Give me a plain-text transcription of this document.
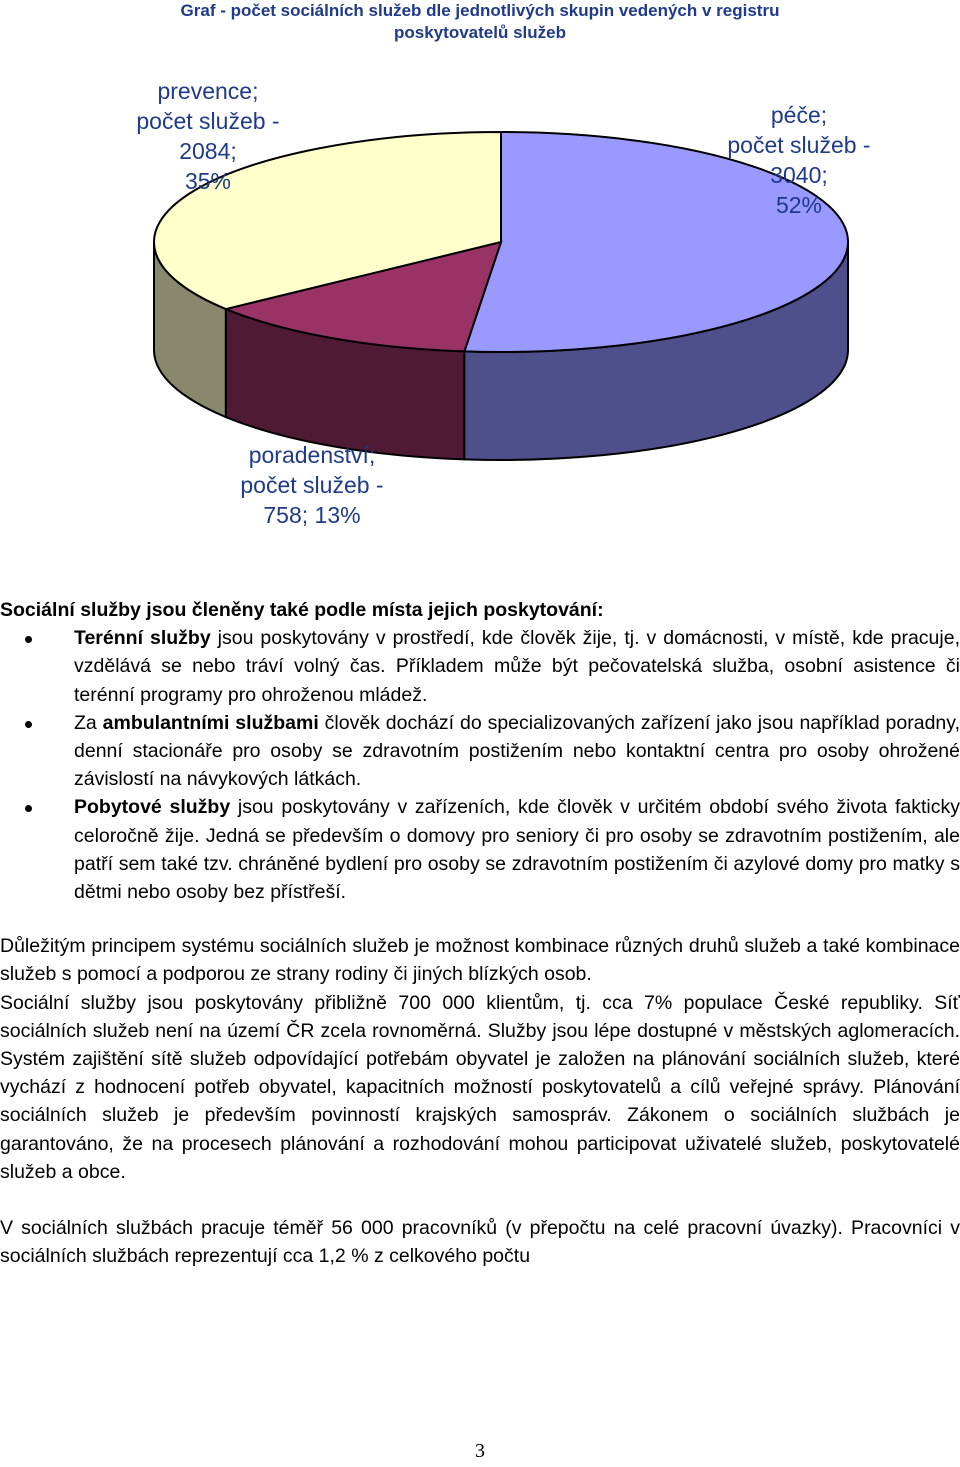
Graf - počet sociálních služeb dle jednotlivých skupin vedených v registru
poskytovatelů služeb
prevence;
počet služeb -
2084;
35%
péče;
počet služeb -
3040;
52%
poradenství;
počet služeb -
758; 13%

Sociální služby jsou členěny také podle místa jejich poskytování:

Terénní služby jsou poskytovány v prostředí, kde člověk žije, tj. v domácnosti, v místě, kde pracuje, vzdělává se nebo tráví volný čas. Příkladem může být pečovatelská služba, osobní asistence či terénní programy pro ohroženou mládež.
Za ambulantními službami člověk dochází do specializovaných zařízení jako jsou například poradny, denní stacionáře pro osoby se zdravotním postižením nebo kontaktní centra pro osoby ohrožené závislostí na návykových látkách.
Pobytové služby jsou poskytovány v zařízeních, kde člověk v určitém období svého života fakticky celoročně žije. Jedná se především o domovy pro seniory či pro osoby se zdravotním postižením, ale patří sem také tzv. chráněné bydlení pro osoby se zdravotním postižením či azylové domy pro matky s dětmi nebo osoby bez přístřeší.

Důležitým principem systému sociálních služeb je možnost kombinace různých druhů služeb a také kombinace služeb s pomocí a podporou ze strany rodiny či jiných blízkých osob.

Sociální služby jsou poskytovány přibližně 700 000 klientům, tj. cca 7% populace České republiky. Síť sociálních služeb není na území ČR zcela rovnoměrná. Služby jsou lépe dostupné v městských aglomeracích. Systém zajištění sítě služeb odpovídající potřebám obyvatel je založen na plánování sociálních služeb, které vychází z hodnocení potřeb obyvatel, kapacitních možností poskytovatelů a cílů veřejné správy. Plánování sociálních služeb je především povinností krajských samospráv. Zákonem o sociálních službách je garantováno, že na procesech plánování a rozhodování mohou participovat uživatelé služeb, poskytovatelé služeb a obce.

V sociálních službách pracuje téměř 56 000 pracovníků (v přepočtu na celé pracovní úvazky). Pracovníci v sociálních službách reprezentují cca 1,2 % z celkového počtu

3
